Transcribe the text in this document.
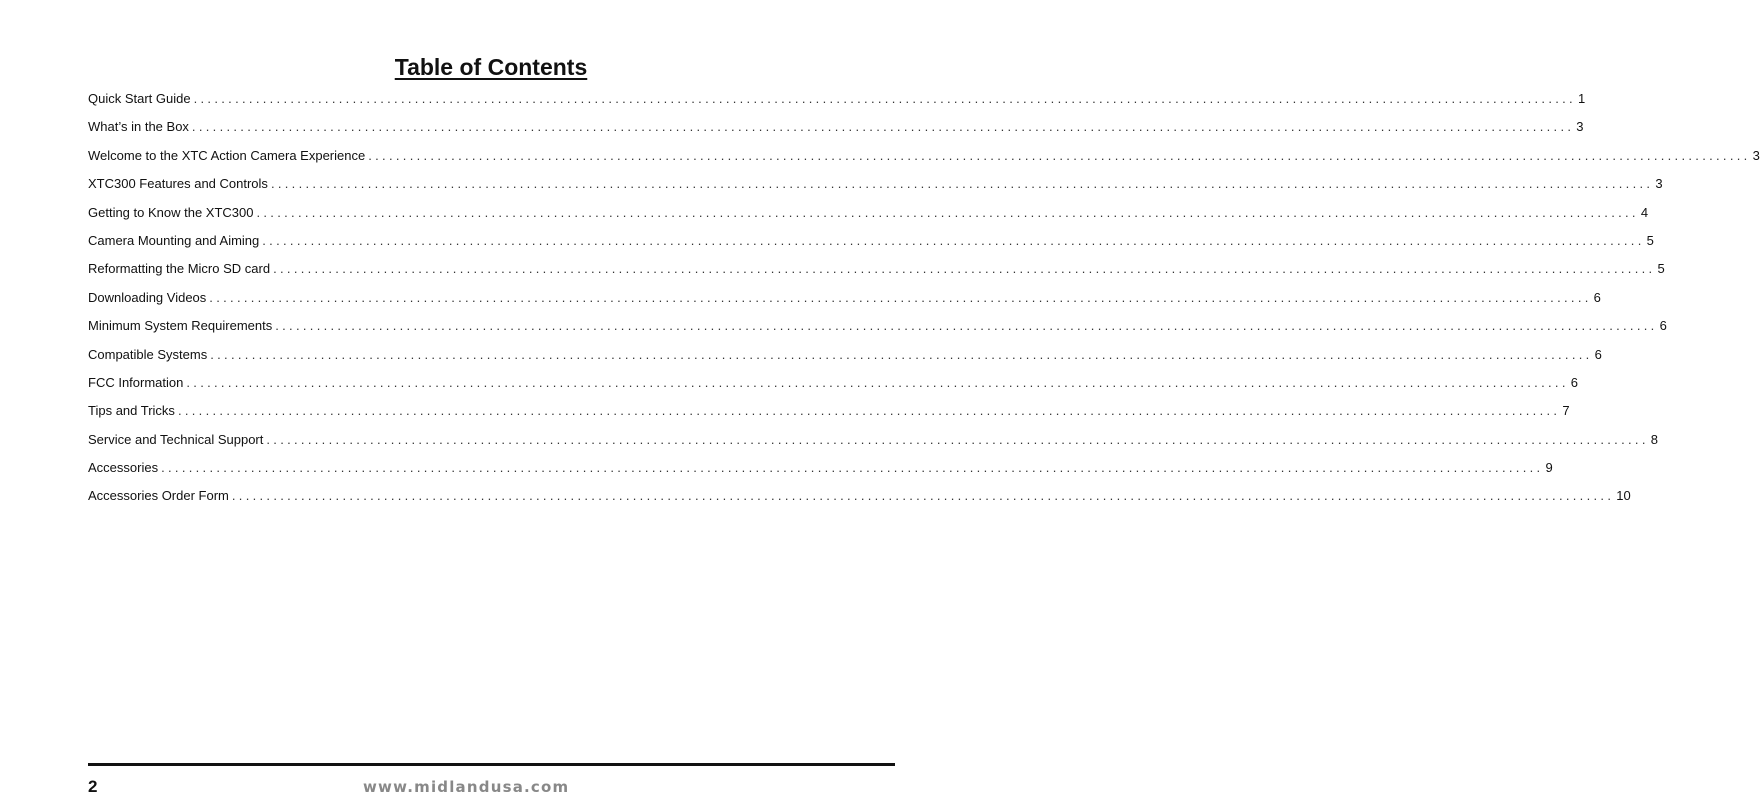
Table of Contents
Quick Start Guide ........................................................................................................................................................................................................ 1
What’s in the Box ........................................................................................................................................................................................................ 3
Welcome to the XTC Action Camera Experience ........................................................................................................................................................................................................ 3
XTC300 Features and Controls ........................................................................................................................................................................................................ 3
Getting to Know the XTC300 ........................................................................................................................................................................................................ 4
Camera Mounting and Aiming ........................................................................................................................................................................................................ 5
Reformatting the Micro SD card ........................................................................................................................................................................................................ 5
Downloading Videos ........................................................................................................................................................................................................ 6
Minimum System Requirements ........................................................................................................................................................................................................ 6
Compatible Systems ........................................................................................................................................................................................................ 6
FCC Information ........................................................................................................................................................................................................ 6
Tips and Tricks ........................................................................................................................................................................................................ 7
Service and Technical Support ........................................................................................................................................................................................................ 8
Accessories ........................................................................................................................................................................................................ 9
Accessories Order Form ........................................................................................................................................................................................................ 10
2	www.midlandusa.com
